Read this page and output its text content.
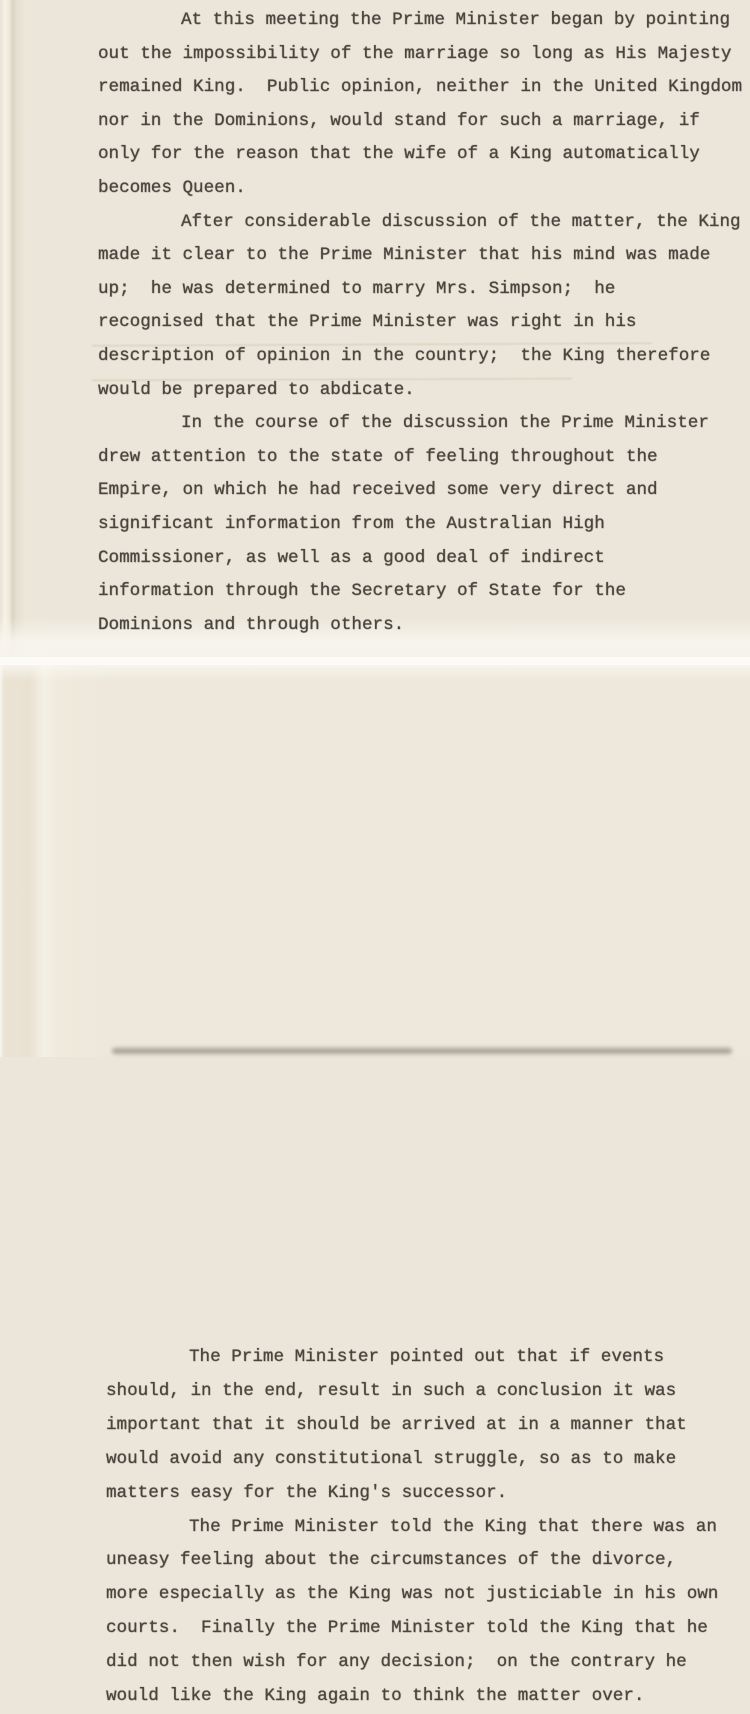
At this meeting the Prime Minister began by pointing
out the impossibility of the marriage so long as His Majesty
remained King.  Public opinion, neither in the United Kingdom
nor in the Dominions, would stand for such a marriage, if
only for the reason that the wife of a King automatically
becomes Queen.
After considerable discussion of the matter, the King
made it clear to the Prime Minister that his mind was made
up;  he was determined to marry Mrs. Simpson;  he
recognised that the Prime Minister was right in his
description of opinion in the country;  the King therefore
would be prepared to abdicate.
In the course of the discussion the Prime Minister
drew attention to the state of feeling throughout the
Empire, on which he had received some very direct and
significant information from the Australian High
Commissioner, as well as a good deal of indirect
information through the Secretary of State for the
Dominions and through others.
The Prime Minister pointed out that if events
should, in the end, result in such a conclusion it was
important that it should be arrived at in a manner that
would avoid any constitutional struggle, so as to make
matters easy for the King's successor.
The Prime Minister told the King that there was an
uneasy feeling about the circumstances of the divorce,
more especially as the King was not justiciable in his own
courts.  Finally the Prime Minister told the King that he
did not then wish for any decision;  on the contrary he
would like the King again to think the matter over.
